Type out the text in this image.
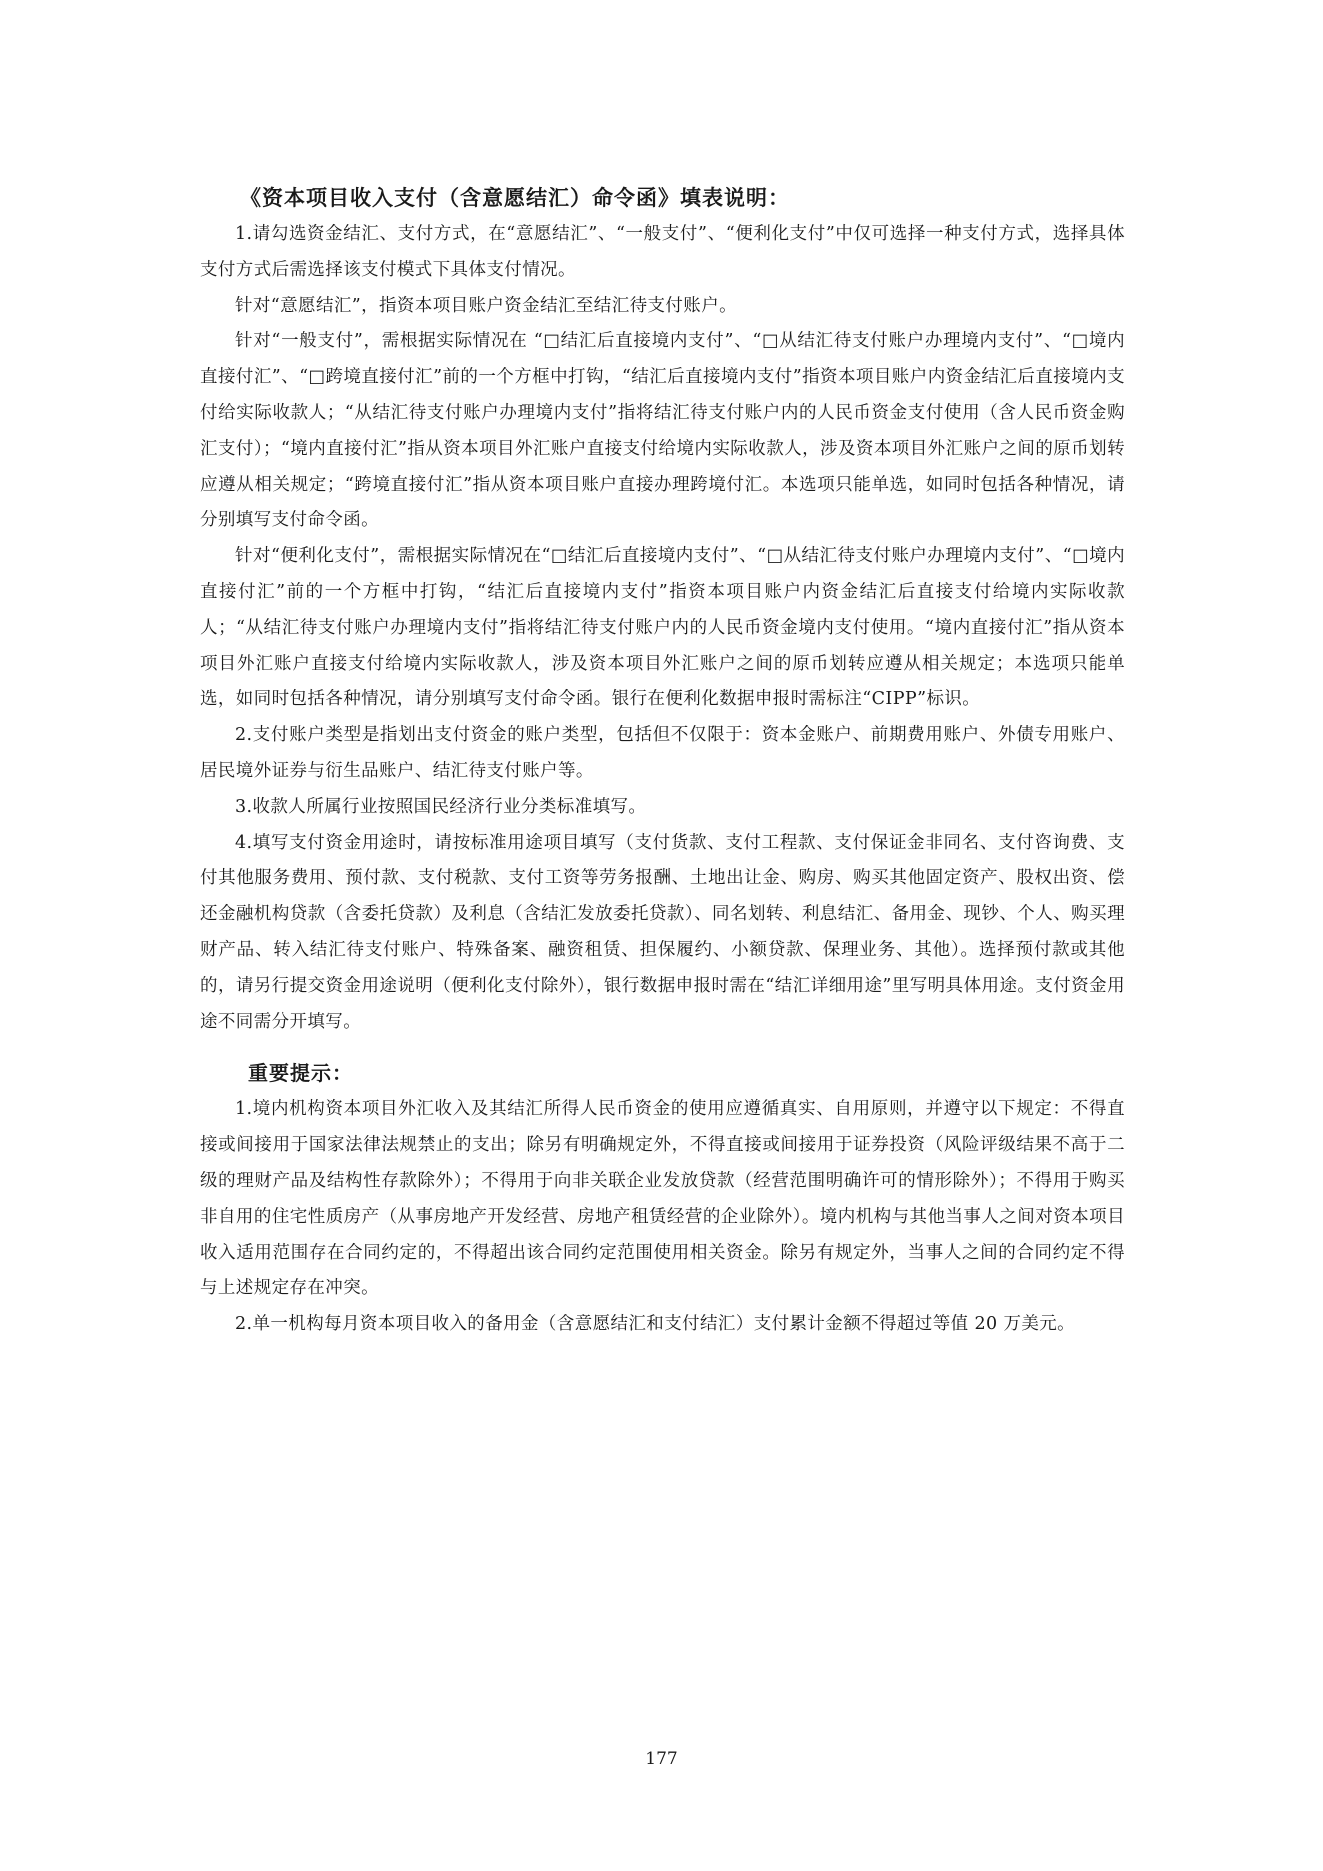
《资本项目收入支付（含意愿结汇）命令函》填表说明：

1.请勾选资金结汇、支付方式，在“意愿结汇”、“一般支付”、“便利化支付”中仅可选择一种支付方式，选择具体支付方式后需选择该支付模式下具体支付情况。

针对“意愿结汇”，指资本项目账户资金结汇至结汇待支付账户。

针对“一般支付”，需根据实际情况在 “□结汇后直接境内支付”、“□从结汇待支付账户办理境内支付”、“□境内直接付汇”、“□跨境直接付汇”前的一个方框中打钩，“结汇后直接境内支付”指资本项目账户内资金结汇后直接境内支付给实际收款人；“从结汇待支付账户办理境内支付”指将结汇待支付账户内的人民币资金支付使用（含人民币资金购汇支付）；“境内直接付汇”指从资本项目外汇账户直接支付给境内实际收款人，涉及资本项目外汇账户之间的原币划转应遵从相关规定；“跨境直接付汇”指从资本项目账户直接办理跨境付汇。本选项只能单选，如同时包括各种情况，请分别填写支付命令函。

针对“便利化支付”，需根据实际情况在“□结汇后直接境内支付”、“□从结汇待支付账户办理境内支付”、“□境内直接付汇”前的一个方框中打钩，“结汇后直接境内支付”指资本项目账户内资金结汇后直接支付给境内实际收款人；“从结汇待支付账户办理境内支付”指将结汇待支付账户内的人民币资金境内支付使用。“境内直接付汇”指从资本项目外汇账户直接支付给境内实际收款人，涉及资本项目外汇账户之间的原币划转应遵从相关规定；本选项只能单选，如同时包括各种情况，请分别填写支付命令函。银行在便利化数据申报时需标注“CIPP”标识。

2.支付账户类型是指划出支付资金的账户类型，包括但不仅限于：资本金账户、前期费用账户、外债专用账户、居民境外证券与衍生品账户、结汇待支付账户等。

3.收款人所属行业按照国民经济行业分类标准填写。

4.填写支付资金用途时，请按标准用途项目填写（支付货款、支付工程款、支付保证金非同名、支付咨询费、支付其他服务费用、预付款、支付税款、支付工资等劳务报酬、土地出让金、购房、购买其他固定资产、股权出资、偿还金融机构贷款（含委托贷款）及利息（含结汇发放委托贷款）、同名划转、利息结汇、备用金、现钞、个人、购买理财产品、转入结汇待支付账户、特殊备案、融资租赁、担保履约、小额贷款、保理业务、其他）。选择预付款或其他的，请另行提交资金用途说明（便利化支付除外），银行数据申报时需在“结汇详细用途”里写明具体用途。支付资金用途不同需分开填写。

重要提示：

1.境内机构资本项目外汇收入及其结汇所得人民币资金的使用应遵循真实、自用原则，并遵守以下规定：不得直接或间接用于国家法律法规禁止的支出；除另有明确规定外，不得直接或间接用于证券投资（风险评级结果不高于二级的理财产品及结构性存款除外）；不得用于向非关联企业发放贷款（经营范围明确许可的情形除外）；不得用于购买非自用的住宅性质房产（从事房地产开发经营、房地产租赁经营的企业除外）。境内机构与其他当事人之间对资本项目收入适用范围存在合同约定的，不得超出该合同约定范围使用相关资金。除另有规定外，当事人之间的合同约定不得与上述规定存在冲突。

2.单一机构每月资本项目收入的备用金（含意愿结汇和支付结汇）支付累计金额不得超过等值 20 万美元。

177
